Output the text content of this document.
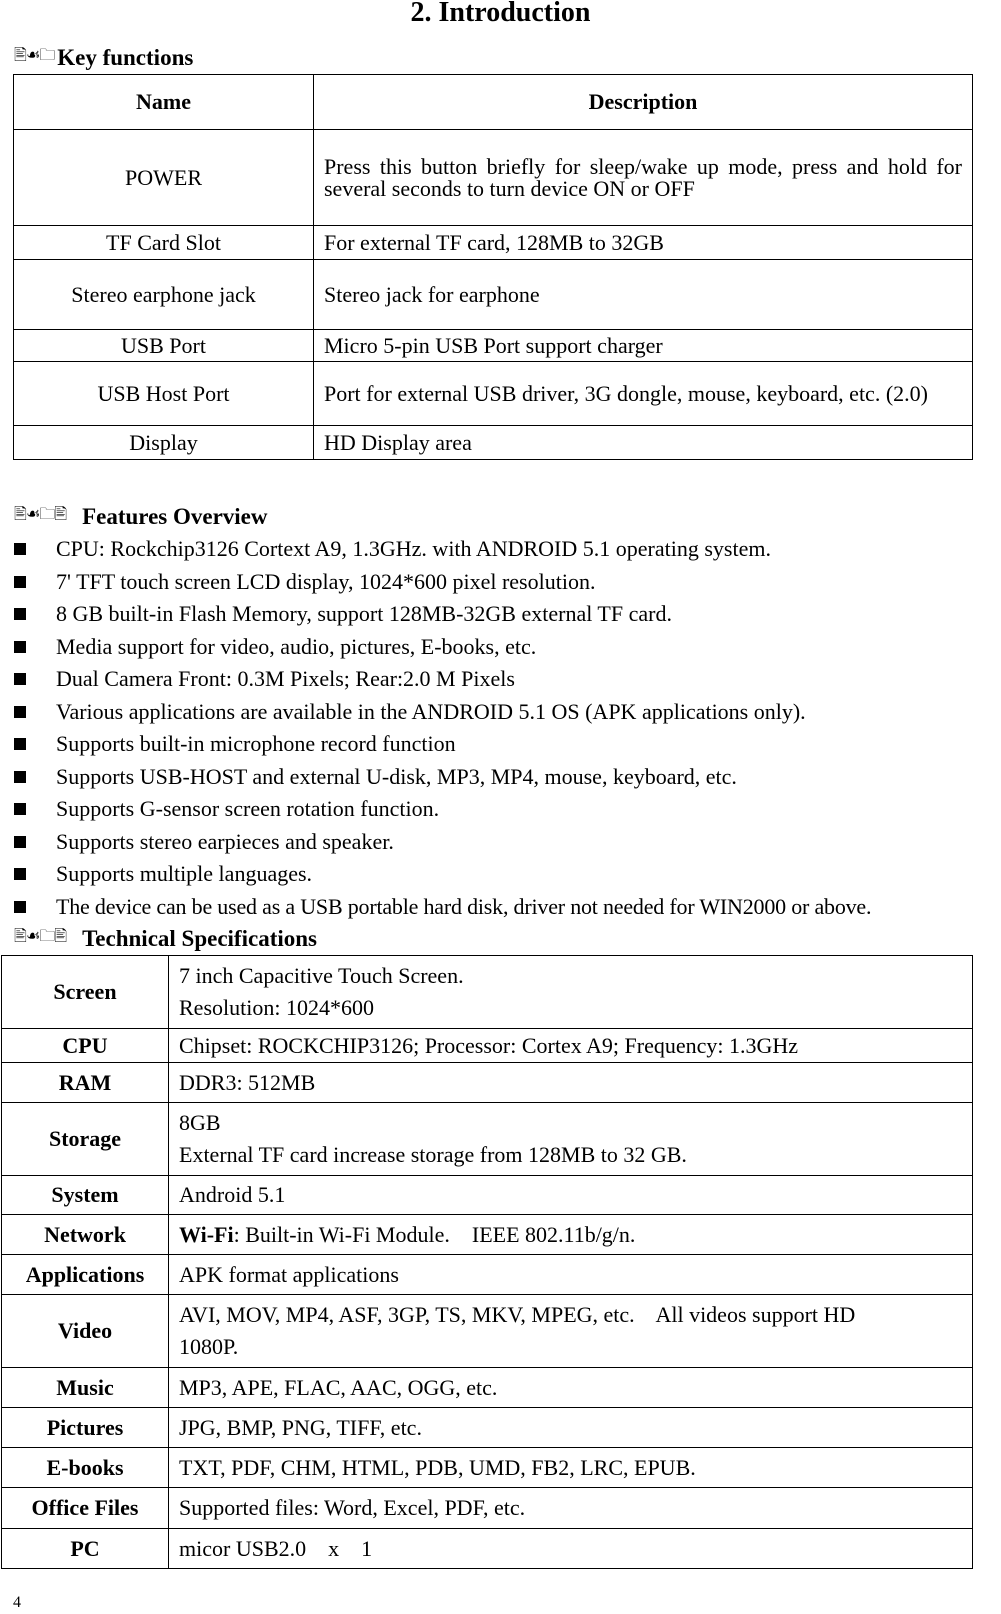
2. Introduction
🖹☙🗀 Key functions
Name	Description
POWER	Press this button briefly for sleep/wake up mode, press and hold for several seconds to turn device ON or OFF
TF Card Slot	For external TF card, 128MB to 32GB
Stereo earphone jack	Stereo jack for earphone
USB Port	Micro 5-pin USB Port support charger
USB Host Port	Port for external USB driver, 3G dongle, mouse, keyboard, etc. (2.0)
Display	HD Display area
🖹☙🗀🖹 Features Overview
CPU: Rockchip3126 Cortext A9, 1.3GHz. with ANDROID 5.1 operating system.
7' TFT touch screen LCD display, 1024*600 pixel resolution.
8 GB built-in Flash Memory, support 128MB-32GB external TF card.
Media support for video, audio, pictures, E-books, etc.
Dual Camera Front: 0.3M Pixels; Rear:2.0 M Pixels
Various applications are available in the ANDROID 5.1 OS (APK applications only).
Supports built-in microphone record function
Supports USB-HOST and external U-disk, MP3, MP4, mouse, keyboard, etc.
Supports G-sensor screen rotation function.
Supports stereo earpieces and speaker.
Supports multiple languages.
The device can be used as a USB portable hard disk, driver not needed for WIN2000 or above.
🖹☙🗀🖹 Technical Specifications
Screen	7 inch Capacitive Touch Screen.
Resolution: 1024*600

CPU	Chipset: ROCKCHIP3126; Processor: Cortex A9; Frequency: 1.3GHz

RAM	DDR3: 512MB

Storage	8GB
External TF card increase storage from 128MB to 32 GB.

System	Android 5.1

Network	Wi-Fi: Built-in Wi-Fi Module.    IEEE 802.11b/g/n.

Applications	APK format applications

Video	AVI, MOV, MP4, ASF, 3GP, TS, MKV, MPEG, etc.    All videos support HD
1080P.

Music	MP3, APE, FLAC, AAC, OGG, etc.

Pictures	JPG, BMP, PNG, TIFF, etc.

E-books	TXT, PDF, CHM, HTML, PDB, UMD, FB2, LRC, EPUB.

Office Files	Supported files: Word, Excel, PDF, etc.

PC	micor USB2.0    x    1
4
